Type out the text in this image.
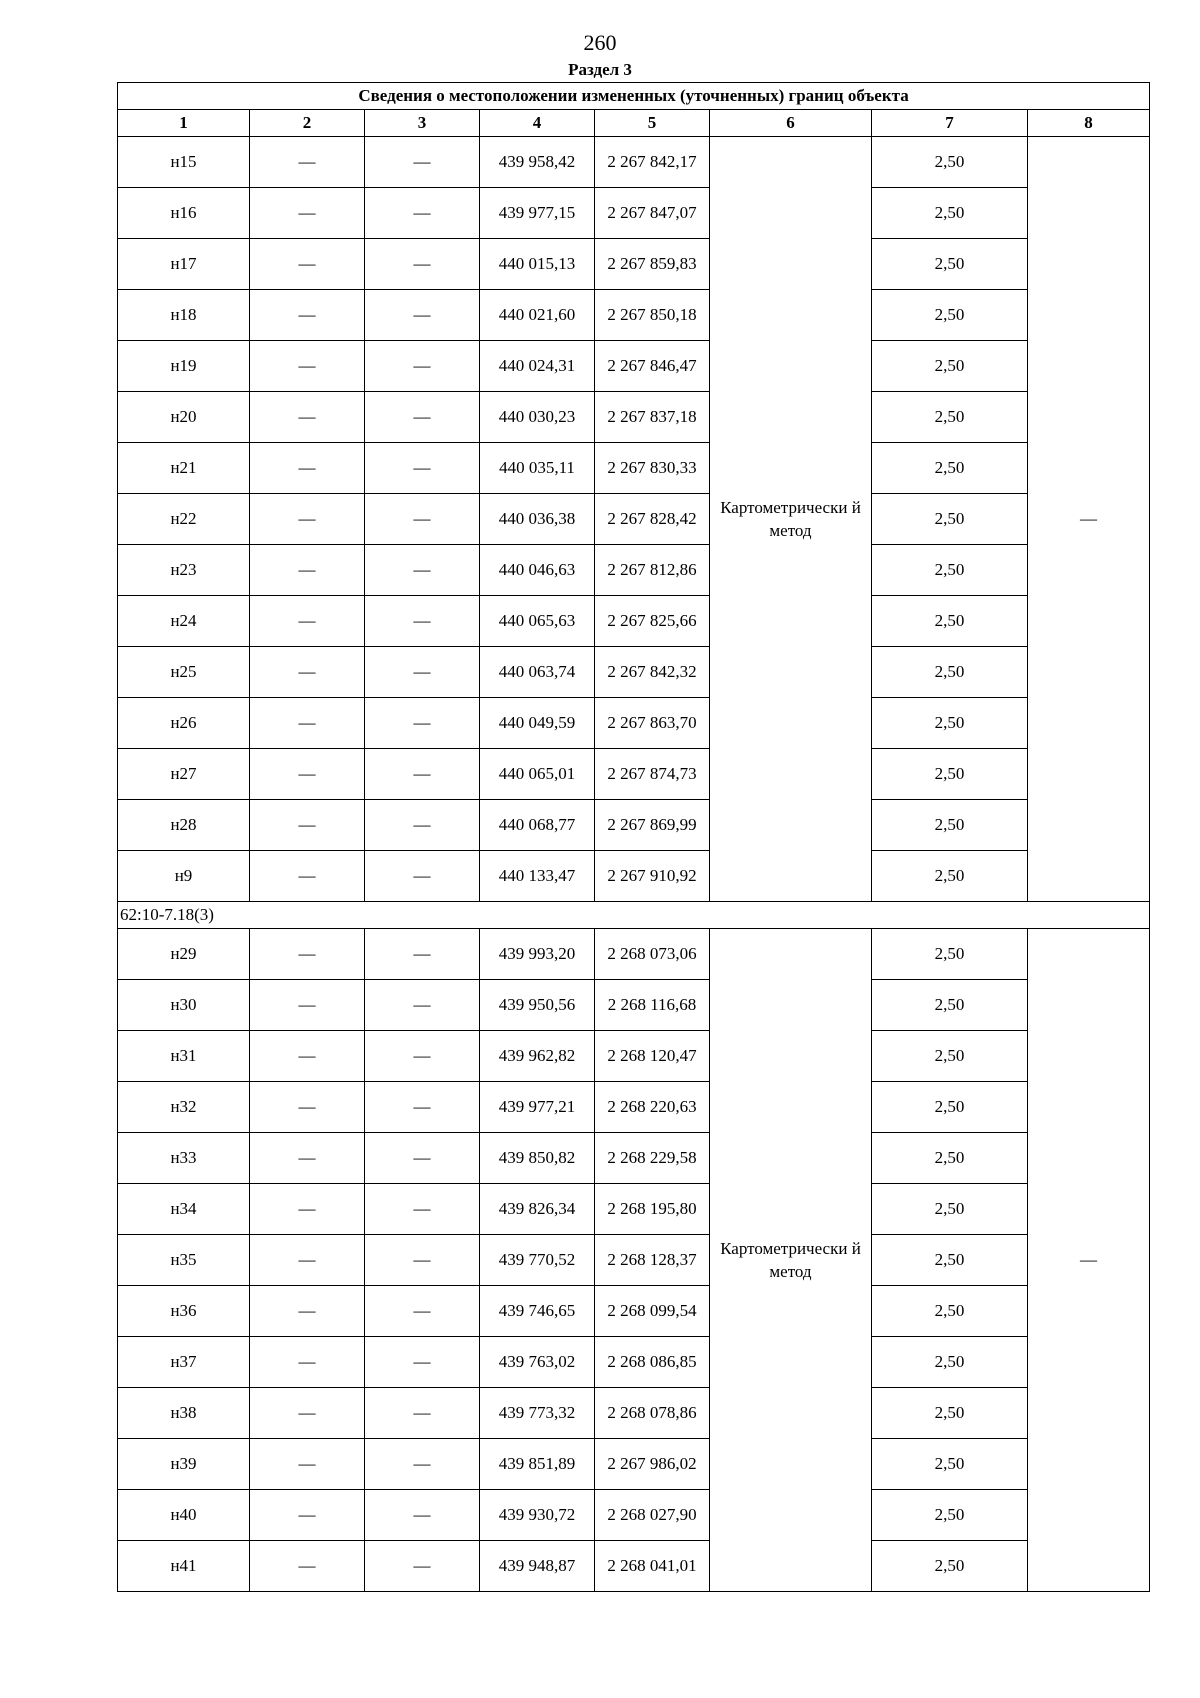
260
Раздел 3
Сведения о местоположении измененных (уточненных) границ объекта							
1	2	3	4	5	6	7	8
н15	—	—	439 958,42	2 267 842,17	Картометрически й метод	2,50	—
н16	—	—	439 977,15	2 267 847,07		2,50	
н17	—	—	440 015,13	2 267 859,83		2,50	
н18	—	—	440 021,60	2 267 850,18		2,50	
н19	—	—	440 024,31	2 267 846,47		2,50	
н20	—	—	440 030,23	2 267 837,18		2,50	
н21	—	—	440 035,11	2 267 830,33		2,50	
н22	—	—	440 036,38	2 267 828,42		2,50	
н23	—	—	440 046,63	2 267 812,86		2,50	
н24	—	—	440 065,63	2 267 825,66		2,50	
н25	—	—	440 063,74	2 267 842,32		2,50	
н26	—	—	440 049,59	2 267 863,70		2,50	
н27	—	—	440 065,01	2 267 874,73		2,50	
н28	—	—	440 068,77	2 267 869,99		2,50	
н9	—	—	440 133,47	2 267 910,92		2,50	
62:10-7.18(3)							
н29	—	—	439 993,20	2 268 073,06	Картометрически й метод	2,50	—
н30	—	—	439 950,56	2 268 116,68		2,50	
н31	—	—	439 962,82	2 268 120,47		2,50	
н32	—	—	439 977,21	2 268 220,63		2,50	
н33	—	—	439 850,82	2 268 229,58		2,50	
н34	—	—	439 826,34	2 268 195,80		2,50	
н35	—	—	439 770,52	2 268 128,37		2,50	
н36	—	—	439 746,65	2 268 099,54		2,50	
н37	—	—	439 763,02	2 268 086,85		2,50	
н38	—	—	439 773,32	2 268 078,86		2,50	
н39	—	—	439 851,89	2 267 986,02		2,50	
н40	—	—	439 930,72	2 268 027,90		2,50	
н41	—	—	439 948,87	2 268 041,01		2,50	
